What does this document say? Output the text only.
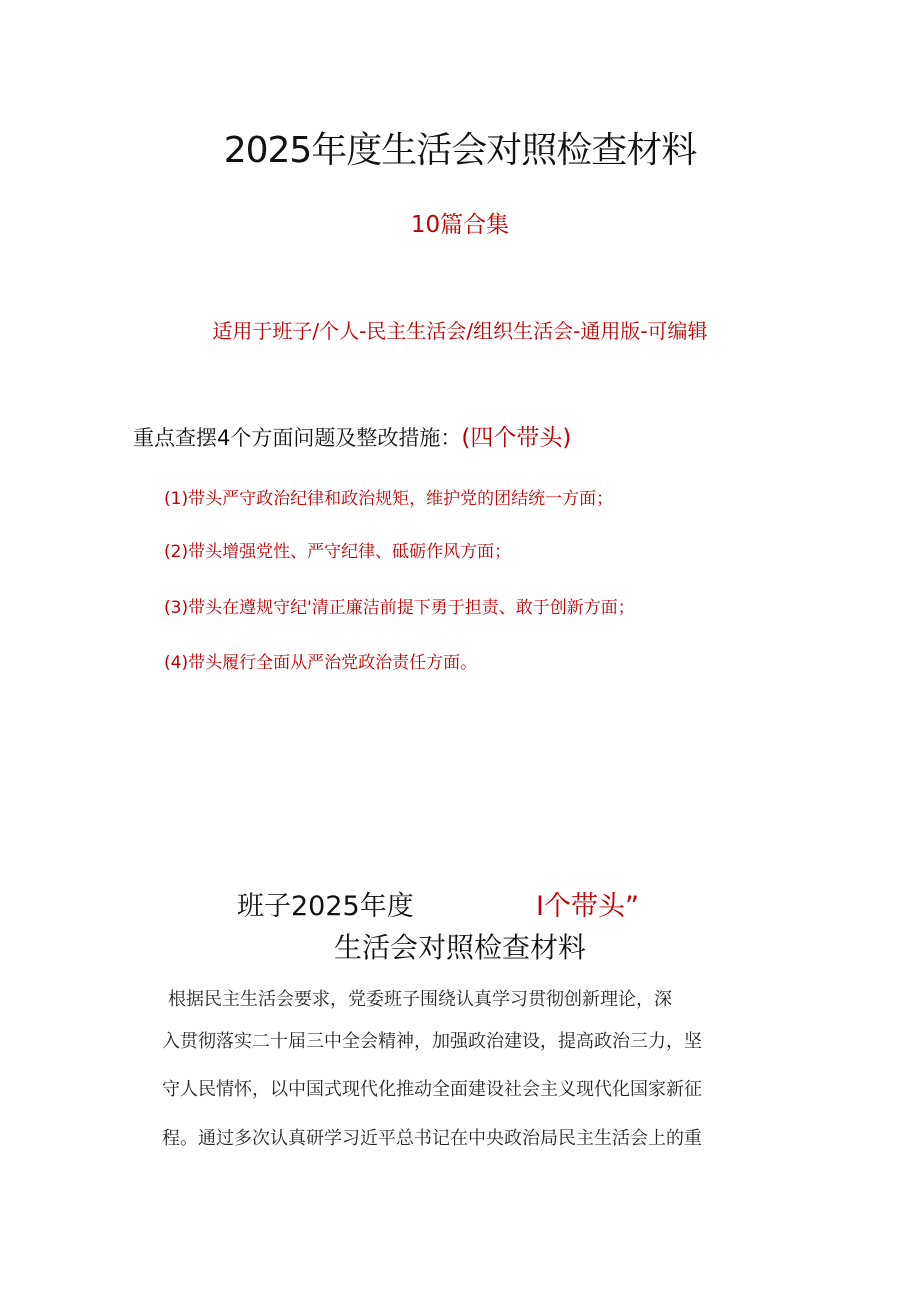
2025年度生活会对照检查材料
10篇合集
适用于班子/个人-民主生活会/组织生活会-通用版-可编辑
重点查摆4个方面问题及整改措施：(四个带头)
(1)带头严守政治纪律和政治规矩，维护党的团结统一方面；
(2)带头增强党性、严守纪律、砥砺作风方面；
(3)带头在遵规守纪'清正廉洁前提下勇于担责、敢于创新方面；
(4)带头履行全面从严治党政治责任方面。
班子2025年度	I个带头”
生活会对照检查材料
根据民主生活会要求，党委班子围绕认真学习贯彻创新理论，深
入贯彻落实二十届三中全会精神，加强政治建设，提高政治三力，坚
守人民情怀，以中国式现代化推动全面建设社会主义现代化国家新征
程。通过多次认真研学习近平总书记在中央政治局民主生活会上的重
